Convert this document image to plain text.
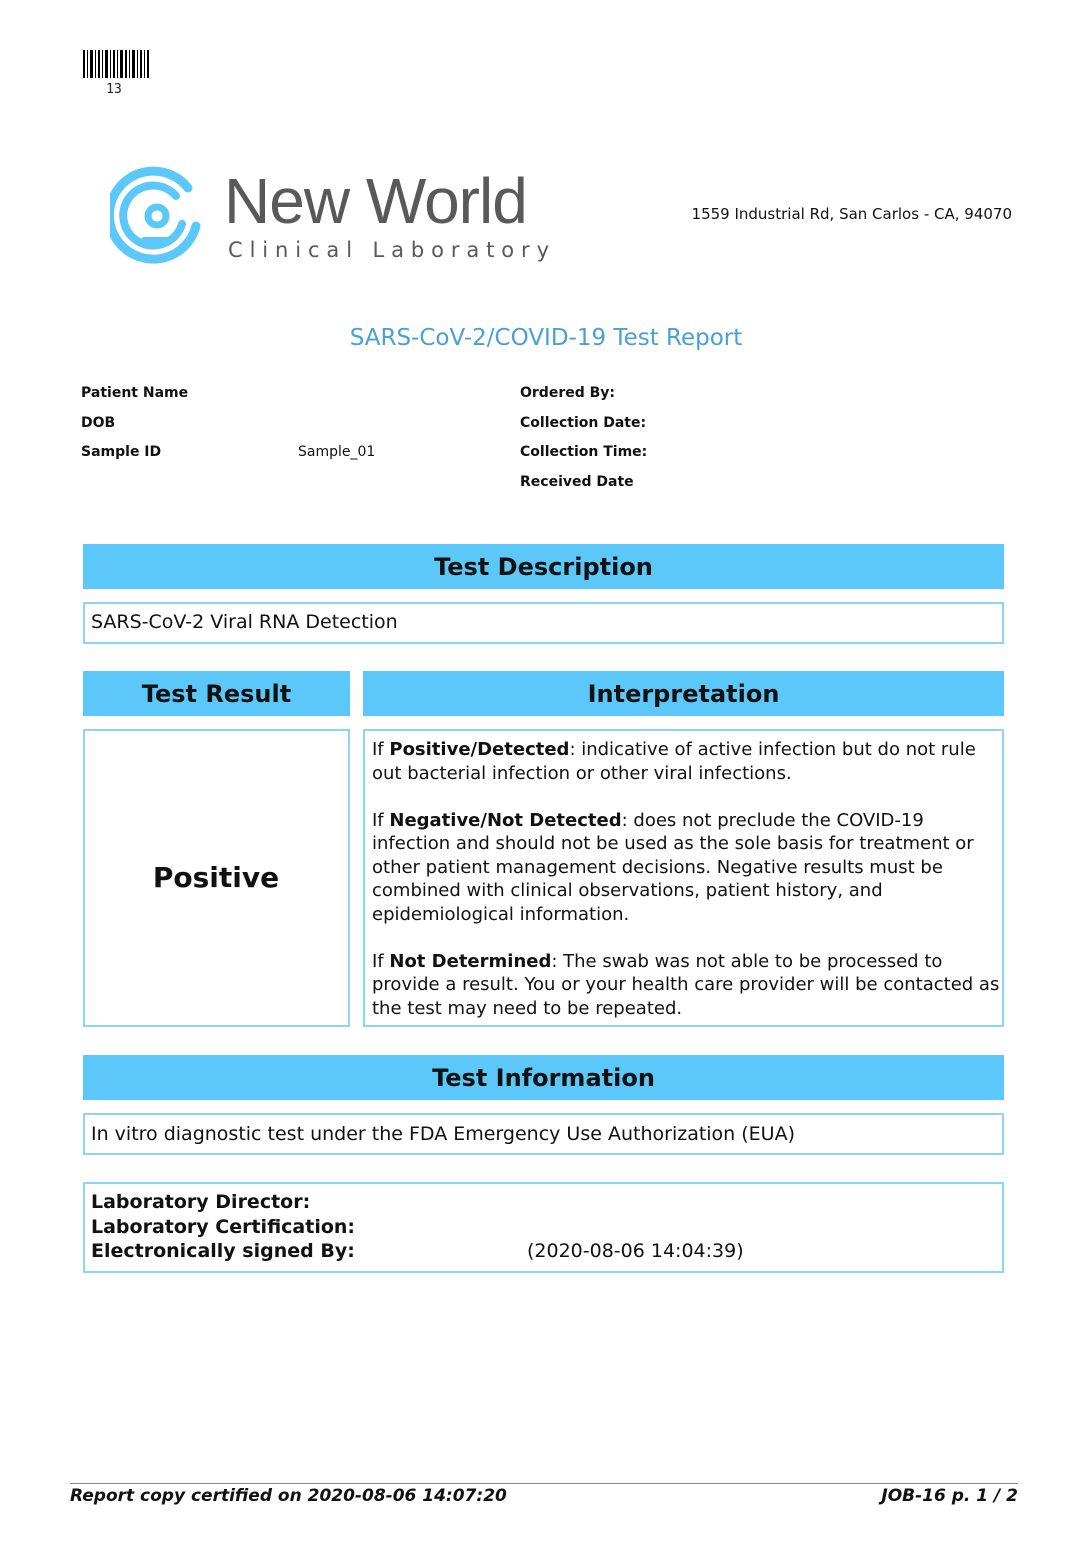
13
New World
Clinical Laboratory
1559 Industrial Rd, San Carlos - CA, 94070
SARS-CoV-2/COVID-19 Test Report
Patient Name
DOB
Sample ID	Sample_01
Ordered By:
Collection Date:
Collection Time:
Received Date
Test Description
SARS-CoV-2 Viral RNA Detection
Test Result	Interpretation
Positive

If Positive/Detected: indicative of active infection but do not rule out bacterial infection or other viral infections.

If Negative/Not Detected: does not preclude the COVID-19 infection and should not be used as the sole basis for treatment or other patient management decisions. Negative results must be combined with clinical observations, patient history, and epidemiological information.

If Not Determined: The swab was not able to be processed to provide a result. You or your health care provider will be contacted as the test may need to be repeated.

Test Information
In vitro diagnostic test under the FDA Emergency Use Authorization (EUA)
Laboratory Director:
Laboratory Certification:
Electronically signed By:	(2020-08-06 14:04:39)
Report copy certified on 2020-08-06 14:07:20	JOB-16 p. 1 / 2
